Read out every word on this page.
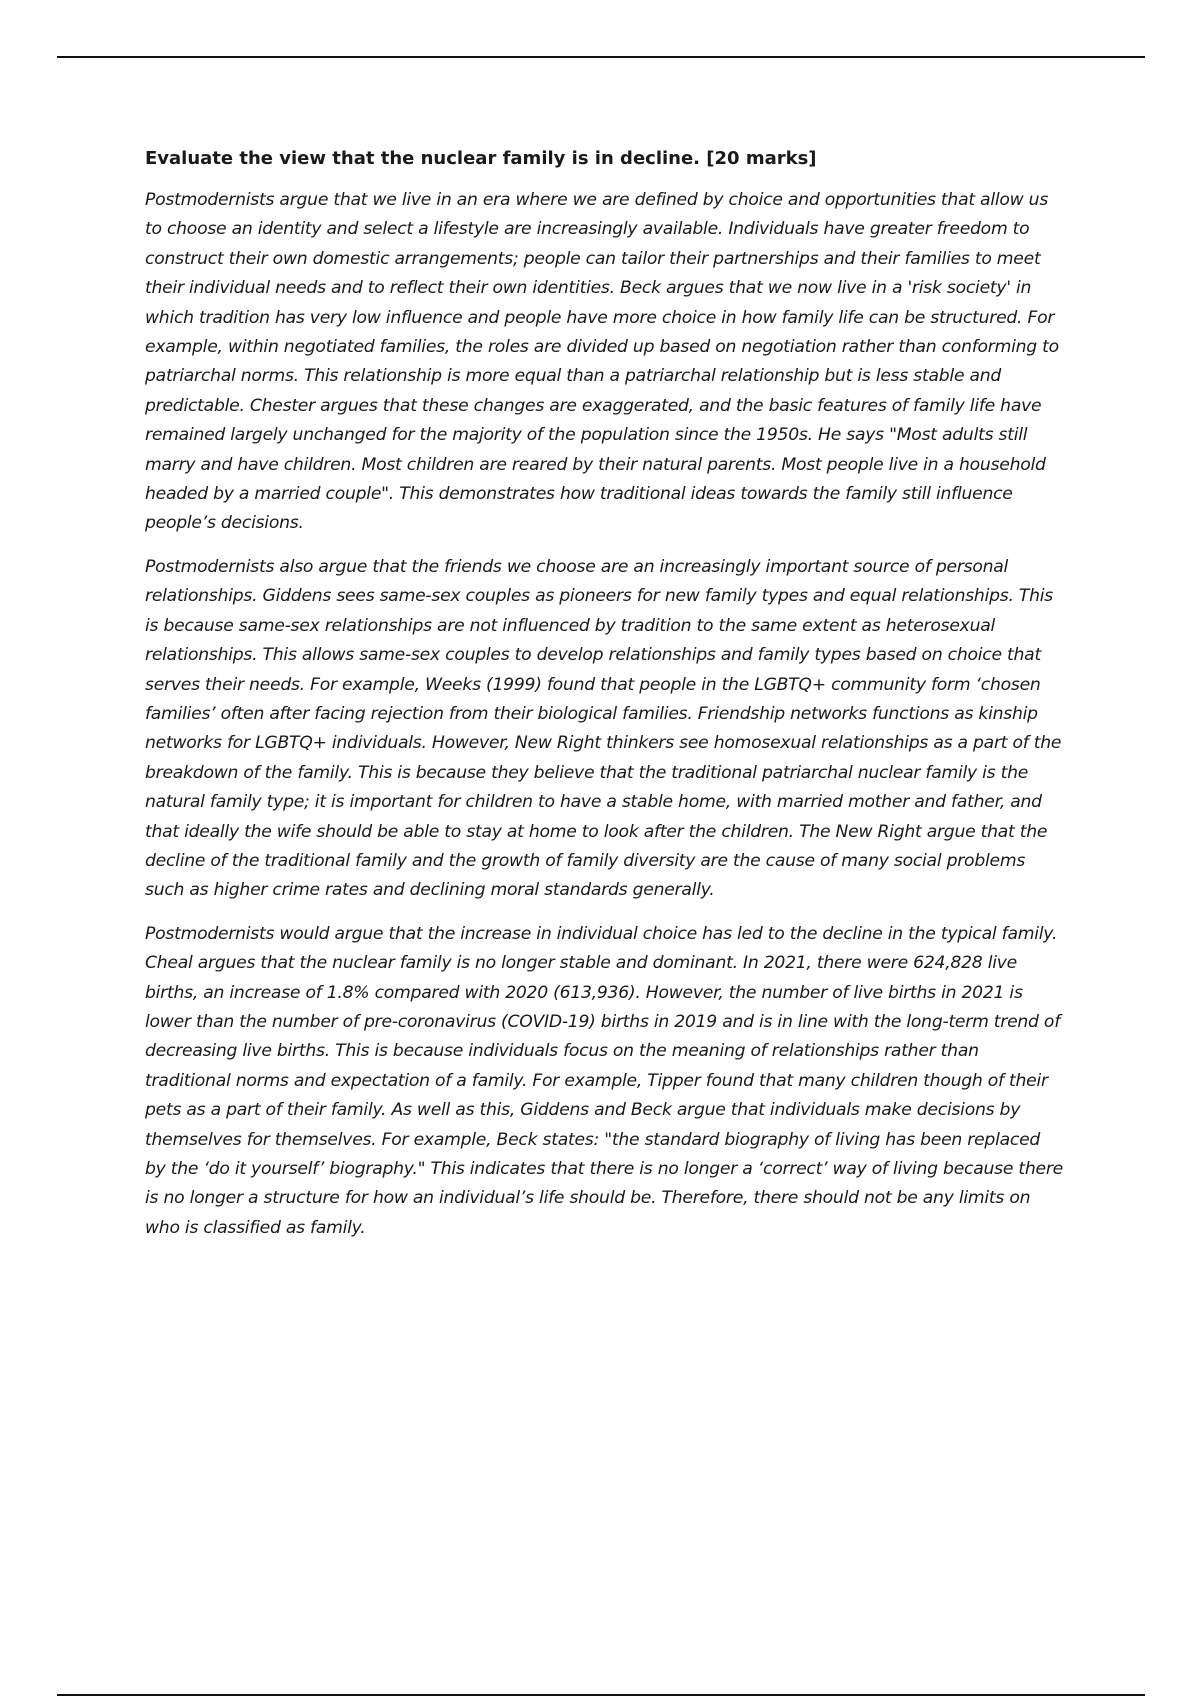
Evaluate the view that the nuclear family is in decline. [20 marks]

Postmodernists argue that we live in an era where we are defined by choice and opportunities that allow us to choose an identity and select a lifestyle are increasingly available. Individuals have greater freedom to construct their own domestic arrangements; people can tailor their partnerships and their families to meet their individual needs and to reflect their own identities. Beck argues that we now live in a 'risk society' in which tradition has very low influence and people have more choice in how family life can be structured. For example, within negotiated families, the roles are divided up based on negotiation rather than conforming to patriarchal norms. This relationship is more equal than a patriarchal relationship but is less stable and predictable. Chester argues that these changes are exaggerated, and the basic features of family life have remained largely unchanged for the majority of the population since the 1950s. He says "Most adults still marry and have children. Most children are reared by their natural parents. Most people live in a household headed by a married couple". This demonstrates how traditional ideas towards the family still influence people’s decisions.

Postmodernists also argue that the friends we choose are an increasingly important source of personal relationships. Giddens sees same-sex couples as pioneers for new family types and equal relationships. This is because same-sex relationships are not influenced by tradition to the same extent as heterosexual relationships. This allows same-sex couples to develop relationships and family types based on choice that serves their needs. For example, Weeks (1999) found that people in the LGBTQ+ community form ‘chosen families’ often after facing rejection from their biological families. Friendship networks functions as kinship networks for LGBTQ+ individuals. However, New Right thinkers see homosexual relationships as a part of the breakdown of the family. This is because they believe that the traditional patriarchal nuclear family is the natural family type; it is important for children to have a stable home, with married mother and father, and that ideally the wife should be able to stay at home to look after the children. The New Right argue that the decline of the traditional family and the growth of family diversity are the cause of many social problems such as higher crime rates and declining moral standards generally.

Postmodernists would argue that the increase in individual choice has led to the decline in the typical family. Cheal argues that the nuclear family is no longer stable and dominant. In 2021, there were 624,828 live births, an increase of 1.8% compared with 2020 (613,936). However, the number of live births in 2021 is lower than the number of pre-coronavirus (COVID-19) births in 2019 and is in line with the long-term trend of decreasing live births. This is because individuals focus on the meaning of relationships rather than traditional norms and expectation of a family. For example, Tipper found that many children though of their pets as a part of their family. As well as this, Giddens and Beck argue that individuals make decisions by themselves for themselves. For example, Beck states: "the standard biography of living has been replaced by the ‘do it yourself’ biography." This indicates that there is no longer a ‘correct’ way of living because there is no longer a structure for how an individual’s life should be. Therefore, there should not be any limits on who is classified as family.
